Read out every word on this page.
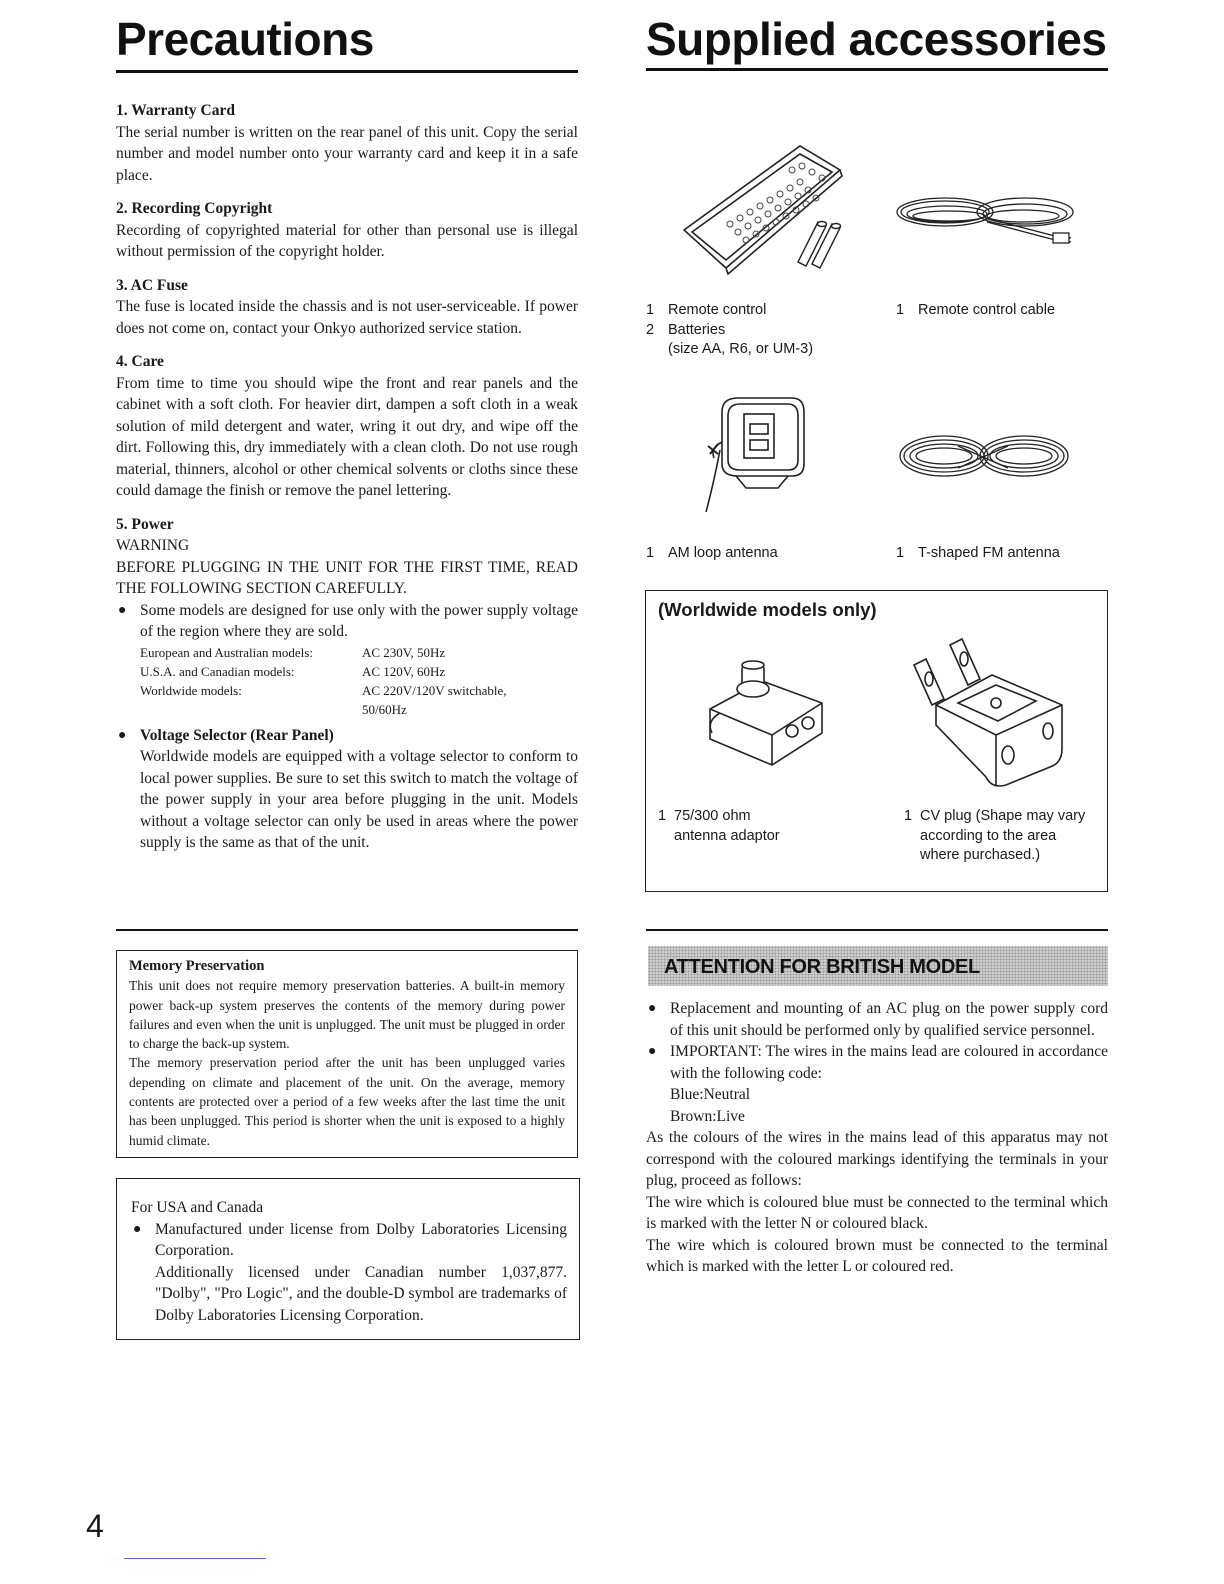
Precautions	Supplied accessories

1. Warranty Card

The serial number is written on the rear panel of this unit. Copy the serial number and model number onto your warranty card and keep it in a safe place.

2. Recording Copyright

Recording of copyrighted material for other than personal use is illegal without permission of the copyright holder.

3. AC Fuse

The fuse is located inside the chassis and is not user-serviceable. If power does not come on, contact your Onkyo authorized service station.

4. Care

From time to time you should wipe the front and rear panels and the cabinet with a soft cloth. For heavier dirt, dampen a soft cloth in a weak solution of mild detergent and water, wring it out dry, and wipe off the dirt. Following this, dry immediately with a clean cloth. Do not use rough material, thinners, alcohol or other chemical solvents or cloths since these could damage the finish or remove the panel lettering.

5. Power

WARNING

BEFORE PLUGGING IN THE UNIT FOR THE FIRST TIME, READ THE FOLLOWING SECTION CAREFULLY.

● Some models are designed for use only with the power supply voltage of the region where they are sold.
European and Australian models:	AC 230V, 50Hz
U.S.A. and Canadian models:	AC 120V, 60Hz
Worldwide models:	AC 220V/120V switchable, 50/60Hz
● Voltage Selector (Rear Panel)

Worldwide models are equipped with a voltage selector to conform to local power supplies. Be sure to set this switch to match the voltage of the power supply in your area before plugging in the unit. Models without a voltage selector can only be used in areas where the power supply is the same as that of the unit.

1 Remote control
2 Batteries
(size AA, R6, or UM-3)
1 Remote control cable
1 AM loop antenna	1 T-shaped FM antenna
(Worldwide models only)
1 75/300 ohm
antenna adaptor
1 CV plug (Shape may vary
according to the area
where purchased.)

Memory Preservation

This unit does not require memory preservation batteries. A built-in memory power back-up system preserves the contents of the memory during power failures and even when the unit is unplugged. The unit must be plugged in order to charge the back-up system.

The memory preservation period after the unit has been unplugged varies depending on climate and placement of the unit. On the average, memory contents are protected over a period of a few weeks after the last time the unit has been unplugged. This period is shorter when the unit is exposed to a highly humid climate.

For USA and Canada

● Manufactured under license from Dolby Laboratories Licensing Corporation.

Additionally licensed under Canadian number 1,037,877. "Dolby", "Pro Logic", and the double-D symbol are trademarks of Dolby Laboratories Licensing Corporation.

ATTENTION FOR BRITISH MODEL
● Replacement and mounting of an AC plug on the power supply cord of this unit should be performed only by qualified service personnel.
● IMPORTANT: The wires in the mains lead are coloured in accordance with the following code:

Blue:Neutral

Brown:Live

As the colours of the wires in the mains lead of this apparatus may not correspond with the coloured markings identifying the terminals in your plug, proceed as follows:

The wire which is coloured blue must be connected to the terminal which is marked with the letter N or coloured black.

The wire which is coloured brown must be connected to the terminal which is marked with the letter L or coloured red.

4
